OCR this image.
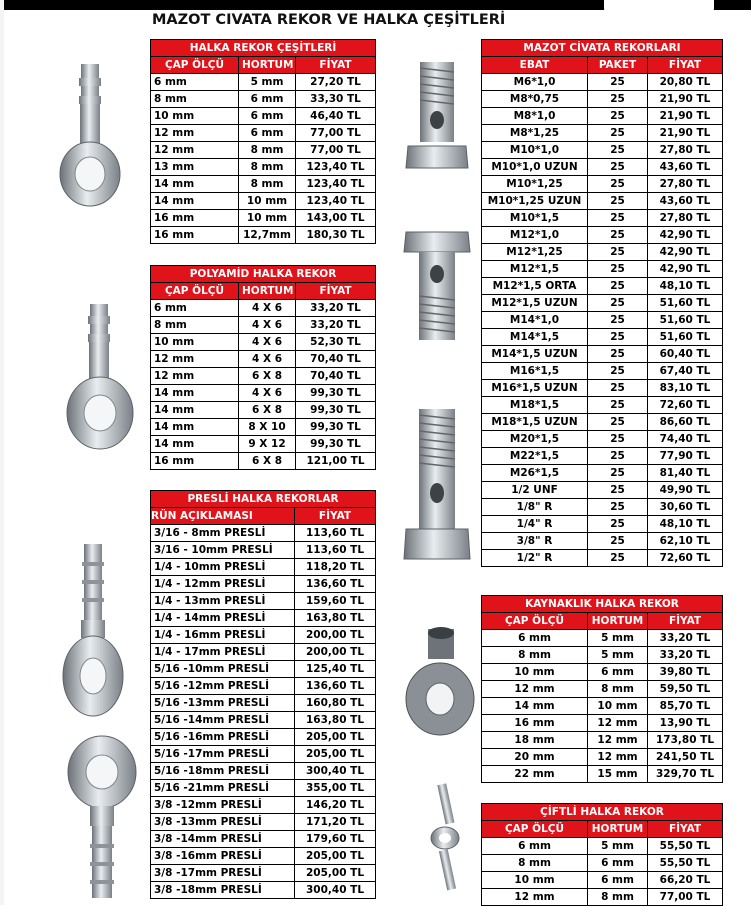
MAZOT CIVATA REKOR VE HALKA ÇEŞİTLERİ
HALKA REKOR ÇEŞİTLERİ		
ÇAP ÖLÇÜ	HORTUM	FİYAT
6 mm	5 mm	27,20 TL
8 mm	6 mm	33,30 TL
10 mm	6 mm	46,40 TL
12 mm	6 mm	77,00 TL
12 mm	8 mm	77,00 TL
13 mm	8 mm	123,40 TL
14 mm	8 mm	123,40 TL
14 mm	10 mm	123,40 TL
16 mm	10 mm	143,00 TL
16 mm	12,7mm	180,30 TL
POLYAMİD HALKA REKOR		
ÇAP ÖLÇÜ	HORTUM	FİYAT
6 mm	4 X 6	33,20 TL
8 mm	4 X 6	33,20 TL
10 mm	4 X 6	52,30 TL
12 mm	4 X 6	70,40 TL
12 mm	6 X 8	70,40 TL
14 mm	4 X 6	99,30 TL
14 mm	6 X 8	99,30 TL
14 mm	8 X 10	99,30 TL
14 mm	9 X 12	99,30 TL
16 mm	6 X 8	121,00 TL
PRESLİ HALKA REKORLAR	
RÜN AÇIKLAMASI	FİYAT
3/16 - 8mm PRESLİ	113,60 TL
3/16 - 10mm PRESLİ	113,60 TL
1/4 - 10mm PRESLİ	118,20 TL
1/4 - 12mm PRESLİ	136,60 TL
1/4 - 13mm PRESLİ	159,60 TL
1/4 - 14mm PRESLİ	163,80 TL
1/4 - 16mm PRESLİ	200,00 TL
1/4 - 17mm PRESLİ	200,00 TL
5/16 -10mm PRESLİ	125,40 TL
5/16 -12mm PRESLİ	136,60 TL
5/16 -13mm PRESLİ	160,80 TL
5/16 -14mm PRESLİ	163,80 TL
5/16 -16mm PRESLİ	205,00 TL
5/16 -17mm PRESLİ	205,00 TL
5/16 -18mm PRESLİ	300,40 TL
5/16 -21mm PRESLİ	355,00 TL
3/8 -12mm PRESLİ	146,20 TL
3/8 -13mm PRESLİ	171,20 TL
3/8 -14mm PRESLİ	179,60 TL
3/8 -16mm PRESLİ	205,00 TL
3/8 -17mm PRESLİ	205,00 TL
3/8 -18mm PRESLİ	300,40 TL
MAZOT CİVATA REKORLARI		
EBAT	PAKET	FİYAT
M6*1,0	25	20,80 TL
M8*0,75	25	21,90 TL
M8*1,0	25	21,90 TL
M8*1,25	25	21,90 TL
M10*1,0	25	27,80 TL
M10*1,0 UZUN	25	43,60 TL
M10*1,25	25	27,80 TL
M10*1,25 UZUN	25	43,60 TL
M10*1,5	25	27,80 TL
M12*1,0	25	42,90 TL
M12*1,25	25	42,90 TL
M12*1,5	25	42,90 TL
M12*1,5 ORTA	25	48,10 TL
M12*1,5 UZUN	25	51,60 TL
M14*1,0	25	51,60 TL
M14*1,5	25	51,60 TL
M14*1,5 UZUN	25	60,40 TL
M16*1,5	25	67,40 TL
M16*1,5 UZUN	25	83,10 TL
M18*1,5	25	72,60 TL
M18*1,5 UZUN	25	86,60 TL
M20*1,5	25	74,40 TL
M22*1,5	25	77,90 TL
M26*1,5	25	81,40 TL
1/2 UNF	25	49,90 TL
1/8" R	25	30,60 TL
1/4" R	25	48,10 TL
3/8" R	25	62,10 TL
1/2" R	25	72,60 TL
KAYNAKLIK HALKA REKOR		
ÇAP ÖLÇÜ	HORTUM	FİYAT
6 mm	5 mm	33,20 TL
8 mm	5 mm	33,20 TL
10 mm	6 mm	39,80 TL
12 mm	8 mm	59,50 TL
14 mm	10 mm	85,70 TL
16 mm	12 mm	13,90 TL
18 mm	12 mm	173,80 TL
20 mm	12 mm	241,50 TL
22 mm	15 mm	329,70 TL
ÇİFTLİ HALKA REKOR		
ÇAP ÖLÇÜ	HORTUM	FİYAT
6 mm	5 mm	55,50 TL
8 mm	6 mm	55,50 TL
10 mm	6 mm	66,20 TL
12 mm	8 mm	77,00 TL
